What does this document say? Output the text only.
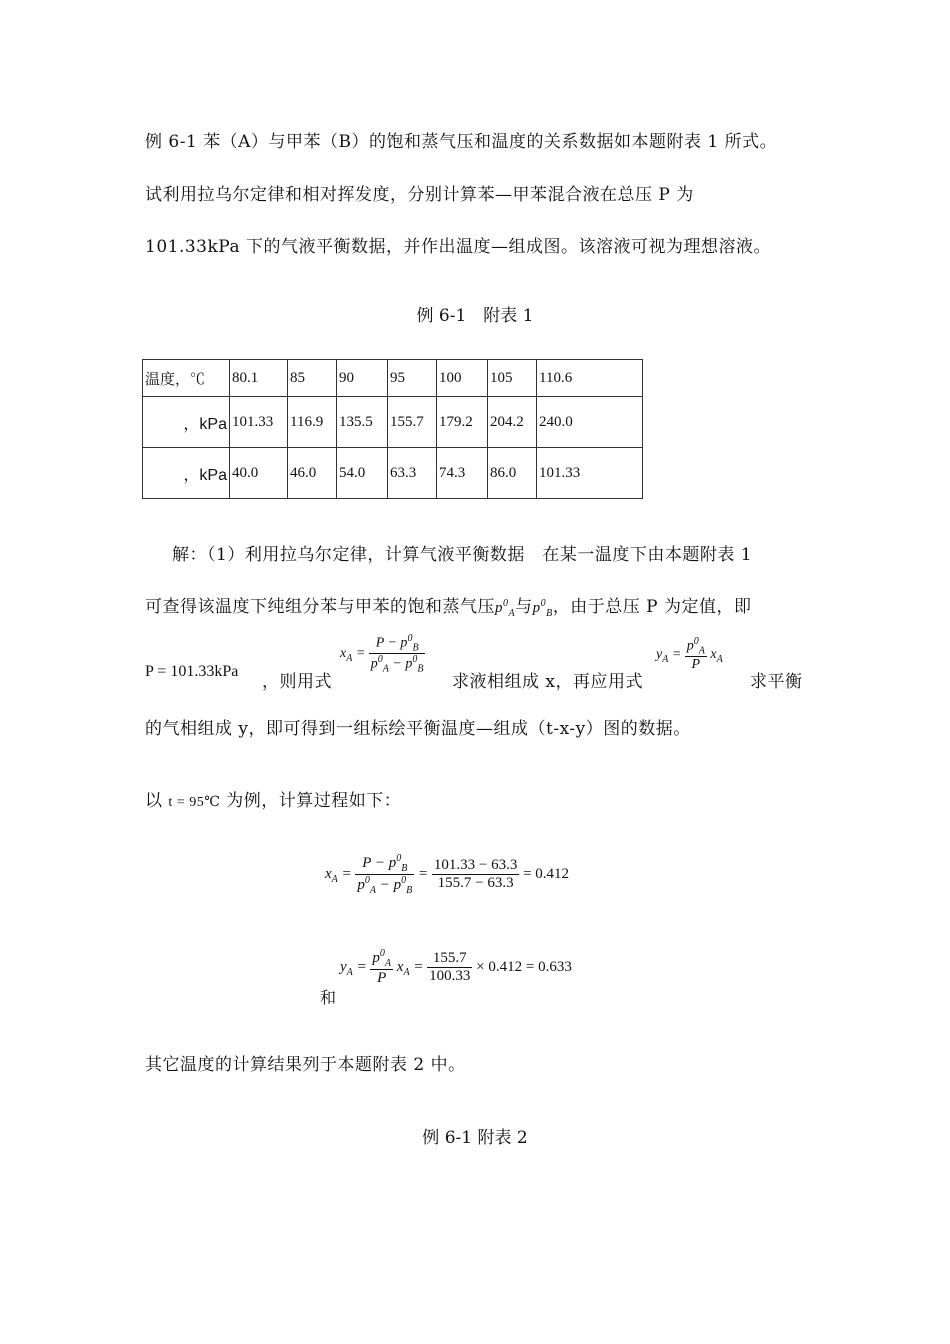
例 6-1 苯（A）与甲苯（B）的饱和蒸气压和温度的关系数据如本题附表 1 所式。
试利用拉乌尔定律和相对挥发度，分别计算苯—甲苯混合液在总压 P 为
101.33kPa 下的气液平衡数据，并作出温度—组成图。该溶液可视为理想溶液。
例 6-1　附表 1
温度，℃	80.1	85	90	95	100	105	110.6
，kPa	101.33	116.9	135.5	155.7	179.2	204.2	240.0
，kPa	40.0	46.0	54.0	63.3	74.3	86.0	101.33
解：（1）利用拉乌尔定律，计算气液平衡数据　在某一温度下由本题附表 1
可查得该温度下纯组分苯与甲苯的饱和蒸气压$p^0_A$与$p^0_B$，由于总压 P 为定值，即
P = 101.33kPa
，则用式
$x_A = \frac{P - p^0_B}{p^0_A - p^0_B}$
求液相组成 x，再应用式
$y_A = \frac{p^0_A}{P} x_A$
求平衡
的气相组成 y，即可得到一组标绘平衡温度—组成（t-x-y）图的数据。
以 t = 95℃ 为例，计算过程如下：
$x_A = \frac{P - p^0_B}{p^0_A - p^0_B} = \frac{101.33 - 63.3}{155.7 - 63.3} = 0.412$
和
$y_A = \frac{p^0_A}{P} x_A = \frac{155.7}{100.33} \times 0.412 = 0.633$
其它温度的计算结果列于本题附表 2 中。
例 6-1 附表 2
